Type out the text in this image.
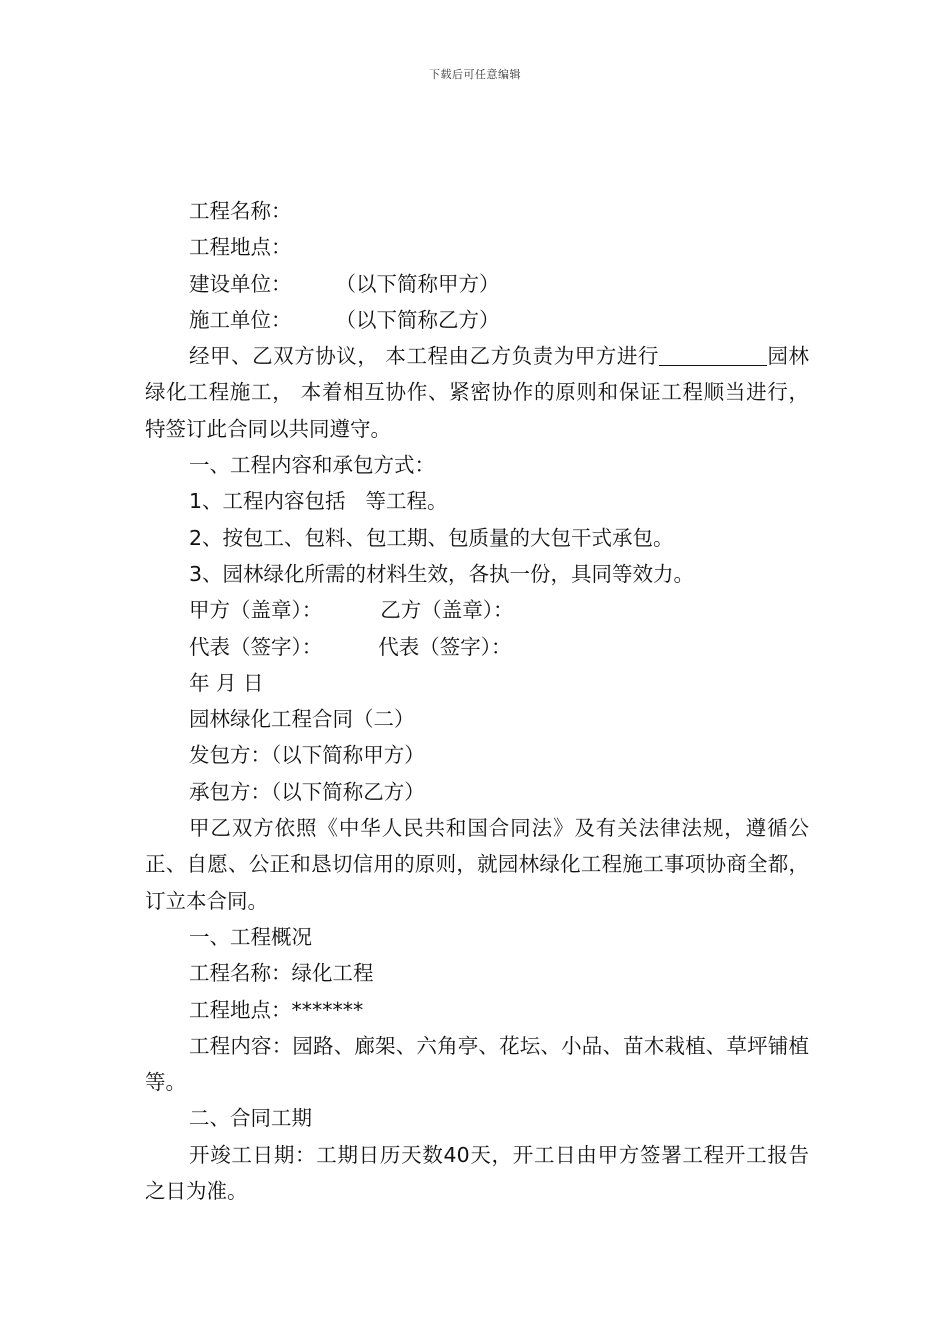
下载后可任意编辑
工程名称：
工程地点：
建设单位： （以下简称甲方）
施工单位： （以下简称乙方）
经甲、乙双方协议， 本工程由乙方负责为甲方进行	园林绿化工程施工， 本着相互协作、紧密协作的原则和保证工程顺当进行， 特签订此合同以共同遵守。
一、工程内容和承包方式：
1、工程内容包括 等工程。
2、按包工、包料、包工期、包质量的大包干式承包。
3、园林绿化所需的材料生效，各执一份，具同等效力。
甲方（盖章）：	乙方（盖章）：
代表（签字）：	代表（签字）：
年 月 日
园林绿化工程合同（二）
发包方：（以下简称甲方）
承包方：（以下简称乙方）
甲乙双方依照《中华人民共和国合同法》及有关法律法规，遵循公正、自愿、公正和恳切信用的原则，就园林绿化工程施工事项协商全都，订立本合同。
一、工程概况
工程名称：绿化工程
工程地点：*******
工程内容：园路、廊架、六角亭、花坛、小品、苗木栽植、草坪铺植等。
二、合同工期
开竣工日期：工期日历天数40天，开工日由甲方签署工程开工报告之日为准。
